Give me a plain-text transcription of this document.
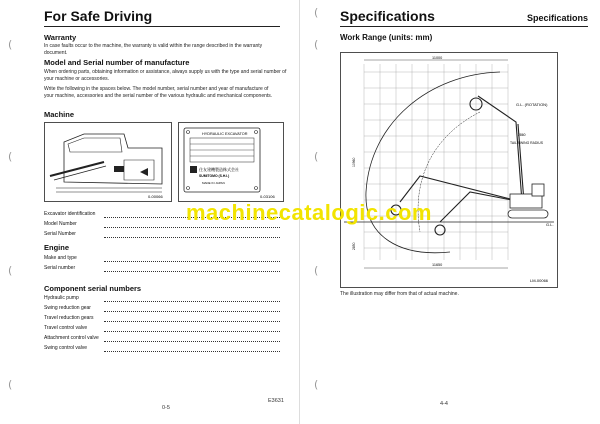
(
(
(
(
For Safe Driving
Warranty
In case faults occur to the machine, the warranty is valid within the range described in the warranty document.
Model and Serial number of manufacture
When ordering parts, obtaining information or assistance, always supply us with the type and serial number of
your machine or accessories.
Write the following in the spaces below. The model number, serial number and year of manufacture of
your machine, accessories and the serial number of the various hydraulic and mechanical components.
Machine
0-00066
HYDRAULIC EXCAVATOR
住友建機製造株式会社
SUMITOMO (S.H.I.)
MADE IN JAPAN
0-03106
Excavator identification
Model Number
Serial Number
Engine
Make and type
Serial number
Component serial numbers
Hydraulic pump
Swing reduction gear
Travel reduction gears
Travel control valve
Attachment control valve
Swing control valve
0-5
E3631
(
(
(
(
(
Specifications	Specifications
Work Range (units: mm)
11000
11650
G.L. (ROTATION)
2860
TAIL SWING RADIUS
G.L.
10960
2850
LM-00066
The illustration may differ from that of actual machine.
4-4
machinecatalogic.com
